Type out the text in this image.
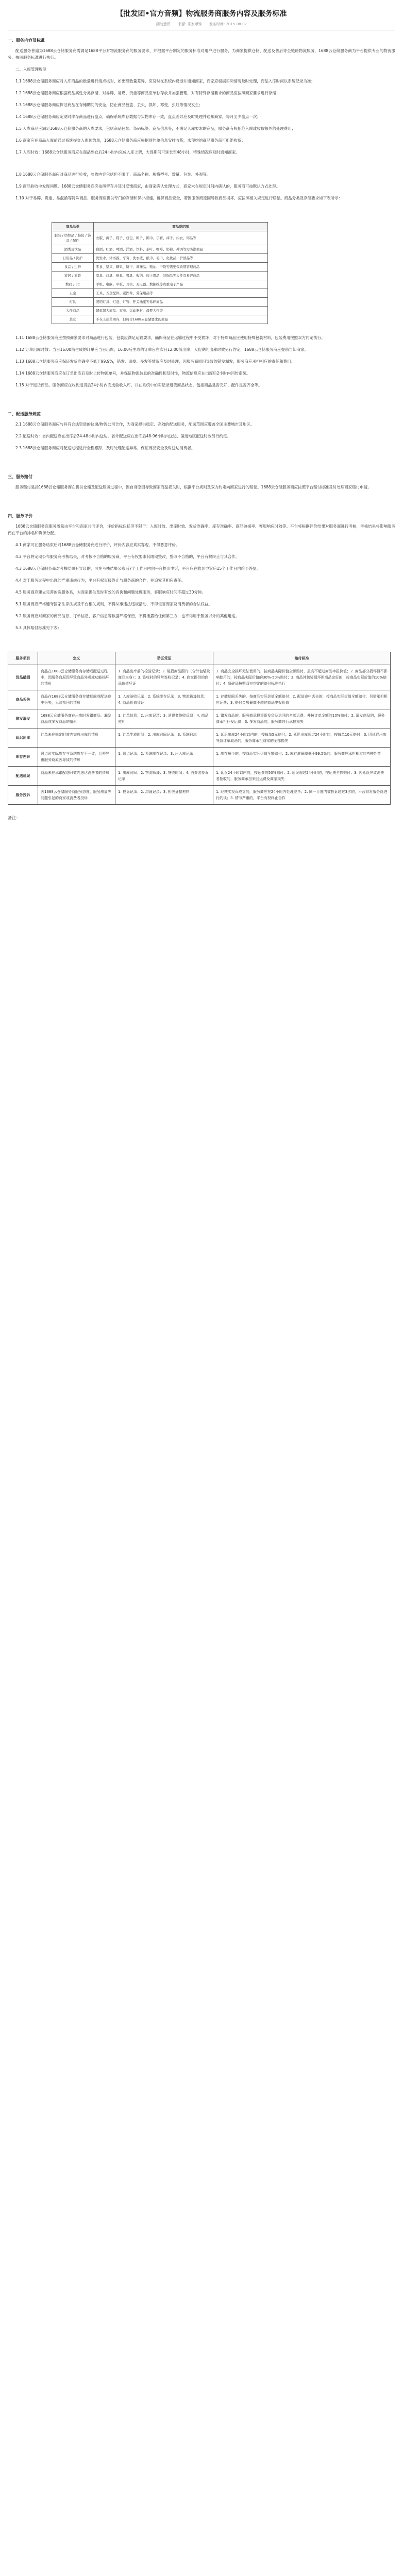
【批发团•官方音频】物流服务商服务内容及服务标准
湖助意贸 来源: 乐家顺钟 发布时间: 2015-08-07
一、服务内容及标准

配送服务普遍为1688云仓储服务商需满足1688平台对物流服务商的服务要求，并根据平台制定的服务标准对用户进行服务，为商家提供仓储、配送及售后等全链路物流服务，1688云仓储服务商为平台提供专业的物流服务，按照服务标准进行执行。

二、入库管理规范

1.1 1688云仓储服务商应对入库商品的数量进行清点核对，如出现数量差异，应及时在系统内反馈并通知商家，商家应根据实际情况及时处理，商品入库时间以系统记录为准；

1.2 1688云仓储服务商应根据商品属性分类存储，对易碎、易燃、贵重等商品应单独存放并加强管理，对有特殊存储要求的商品应按照商家要求进行存储；

1.3 1688云仓储服务商应保证商品在存储期间的安全，防止商品被盗、丢失、损坏、霉变、虫蛀等情况发生；

1.4 1688云仓储服务商应定期对库存商品进行盘点，确保系统库存数据与实物库存一致，盘点差异应及时处理并通知商家，每月至少盘点一次；

1.5 入库商品应满足1688云仓储服务商的入库要求，包括商品包装、条码标签、商品信息等，不满足入库要求的商品，服务商有权拒绝入库或收取额外的处理费用；

1.6 商家应在商品入库前通过系统提交入库预约单，1688云仓储服务商应根据预约单信息安排收货，未预约的商品服务商可拒绝收货；

1.7 入库时效：1688云仓储服务商应在商品到仓后24小时内完成入库上架，大促期间可延长至48小时，特殊情况应及时通知商家。

1.8 1688云仓储服务商应对商品进行验收，验收内容包括但不限于：商品名称、规格型号、数量、包装、外观等。

1.9 商品验收中发现问题，1688云仓储服务商应拍照留存并及时反馈商家，由商家确认处理方式，商家未在规定时间内确认的，服务商可按默认方式处理。

1.10 对于易碎、贵重、易混淆等特殊商品，服务商应提供专门的存储和保护措施，确保商品安全，若因服务商原因导致商品损坏，应按照相关规定进行赔偿。商品分类及存储要求如下表所示：

商品品类	商品说明项
服装 / 纺织品 / 鞋包 / 饰品 / 配件	衣服、裤子、鞋子、包包、帽子、围巾、手套、袜子、内衣、饰品等
酒类及饮品	白酒、红酒、啤酒、洋酒、饮料、茶叶、咖啡、奶粉、冲调等需防潮商品
日用品 / 洗护	洗发水、沐浴露、牙膏、洗衣液、纸巾、毛巾、化妆品、护肤品等
食品 / 生鲜	零食、坚果、糖果、饼干、调味品、粮油、干货等需要保质期管理商品
家居 / 家装	家具、灯具、厨具、餐具、收纳、床上用品、装饰品等大件及易碎商品
数码 / 3C	手机、电脑、平板、耳机、充电器、数据线等贵重电子产品
五金	工具、五金配件、紧固件、劳保用品等
灯具	照明灯具、灯泡、灯管、开关插座等易碎商品
大件商品	超重超大商品、家电、运动器材、母婴大件等
其它	不在上述范围内，但符合1688云仓储要求的商品

1.11 1688云仓储服务商应按照商家要求对商品进行包装，包装应满足运输要求，确保商品在运输过程中不受损坏；对于特殊商品应使用特殊包装材料，包装费用按照双方约定执行。

1.12 订单出库时效：当日16:00前生成的订单应当日出库，16:00后生成的订单应在次日12:00前出库；大促期间出库时效另行约定，1688云仓储服务商应提前告知商家。

1.13 1688云仓储服务商应保证发货准确率不低于99.9%，错发、漏发、多发等情况应及时处理，因服务商原因导致的错发漏发，服务商应承担相应的责任和费用。

1.14 1688云仓储服务商应在订单出库后及时上传物流单号，并保证物流信息的准确性和及时性，物流信息应在出库后2小时内回传系统。

1.15 对于退货商品，服务商应在收到退货后24小时内完成验收入库，并在系统中如实记录退货商品状态，包括商品是否完好、配件是否齐全等。

二、配送服务规范

2.1 1688云仓储服务商应与具有合法资质的快递/物流公司合作，为商家提供稳定、高效的配送服务，配送范围应覆盖全国主要城市及地区。

2.2 配送时效：省内配送应在出库后24-48小时内送达，省外配送应在出库后48-96小时内送达，偏远地区配送时效另行约定。

2.3 1688云仓储服务商应对配送过程进行全程跟踪，及时处理配送异常，保证商品安全及时送达消费者。

三、服务赔付

服务赔付是指1688云仓储服务商在提供仓储及配送服务过程中，因自身原因导致商家商品损失时，根据平台规则及双方约定向商家进行的赔偿。1688云仓储服务商应按照平台赔付标准及时处理商家赔付申请。

四、服务评价

1688云仓储服务商服务质量由平台和商家共同评价，评价指标包括但不限于：入库时效、出库时效、发货准确率、库存准确率、商品破损率、客服响应时效等。平台将根据评价结果对服务商进行考核，考核结果将影响服务商在平台的排名和资源分配。

4.1 商家可在服务结束后对1688云仓储服务商进行评价，评价内容应真实客观，不得恶意评价。

4.2 平台将定期公布服务商考核结果，对考核不合格的服务商，平台有权要求其限期整改，整改不合格的，平台有权终止与其合作。

4.3 1688云仓储服务商对考核结果有异议的，可在考核结果公布后7个工作日内向平台提出申诉，平台应在收到申诉后15个工作日内给予答复。

4.4 对于服务过程中出现的严重违规行为，平台有权直接终止与服务商的合作，并追究其相应责任。

4.5 服务商应建立完善的客服体系，为商家提供及时有效的咨询和问题处理服务，客服响应时间不超过30分钟。

5.1 服务商应严格遵守国家法律法规及平台相关规则，不得从事违法违规活动，不得侵害商家及消费者的合法权益。

5.2 服务商应对商家的商品信息、订单信息、客户信息等数据严格保密，不得泄露给任何第三方，也不得用于服务以外的其他用途。

5.3 具体赔付标准见下表：

服务项目	定义	举证凭证	赔付标准
货品破损	商品在1688云仓储服务商存储或配送过程中，因服务商原因导致商品外观或功能损坏的情形	1. 商品出库前的检验记录；2. 破损商品照片（含外包装及商品本身）；3. 签收时的异常签收记录；4. 商家提供的商品价值凭证	1. 商品完全损坏无法使用的，按商品实际价值全额赔付，最高不超过商品申报价值；2. 商品部分损坏但不影响使用的，按商品实际价值的30%-50%赔付；3. 商品外包装损坏但商品完好的，按商品实际价值的10%赔付；4. 易碎品按照双方约定的赔付标准执行
商品丢失	商品在1688云仓储服务商存储期间或配送途中丢失，无法找回的情形	1. 入库验收记录；2. 系统库存记录；3. 物流轨迹信息；4. 商品价值凭证	1. 存储期间丢失的，按商品实际价值全额赔付；2. 配送途中丢失的，按商品实际价值全额赔付，另需承担相应运费；3. 赔付金额最高不超过商品申报价值
错发漏发	1688云仓储服务商在出库时发错商品、漏发商品或多发商品的情形	1. 订单信息；2. 出库记录；3. 消费者签收反馈；4. 商品照片	1. 错发商品的，服务商承担重新发货及退回的全部运费，并按订单金额的10%赔付；2. 漏发商品的，服务商承担补发运费；3. 多发商品的，服务商自行承担损失
延迟出库	订单未在规定时效内完成出库的情形	1. 订单生成时间；2. 出库时间记录；3. 系统日志	1. 延迟出库24小时以内的，按每单5元赔付；2. 延迟出库超过24小时的，按每单10元赔付；3. 因延迟出库导致订单取消的，服务商承担商家的全部损失
库存差异	盘点时实际库存与系统库存不一致，且差异由服务商原因导致的情形	1. 盘点记录；2. 系统库存记录；3. 出入库记录	1. 库存短少的，按商品实际价值全额赔付；2. 库存准确率低于99.5%的，服务商应承担相应的考核处罚
配送延误	商品未在承诺配送时效内送达消费者的情形	1. 出库时间；2. 物流轨迹；3. 签收时间；4. 消费者投诉记录	1. 延误24小时以内的，按运费的50%赔付；2. 延误超过24小时的，按运费全额赔付；3. 因延误导致消费者拒收的，服务商承担来回运费及商家损失
服务投诉	因1688云仓储服务商服务态度、服务质量等问题引起的商家或消费者投诉	1. 投诉记录；2. 沟通记录；3. 相关证据材料	1. 经核实投诉成立的，服务商应在24小时内处理完毕；2. 同一月度内被投诉超过3次的，平台将对服务商进行约谈；3. 情节严重的，平台有权终止合作
备注：
